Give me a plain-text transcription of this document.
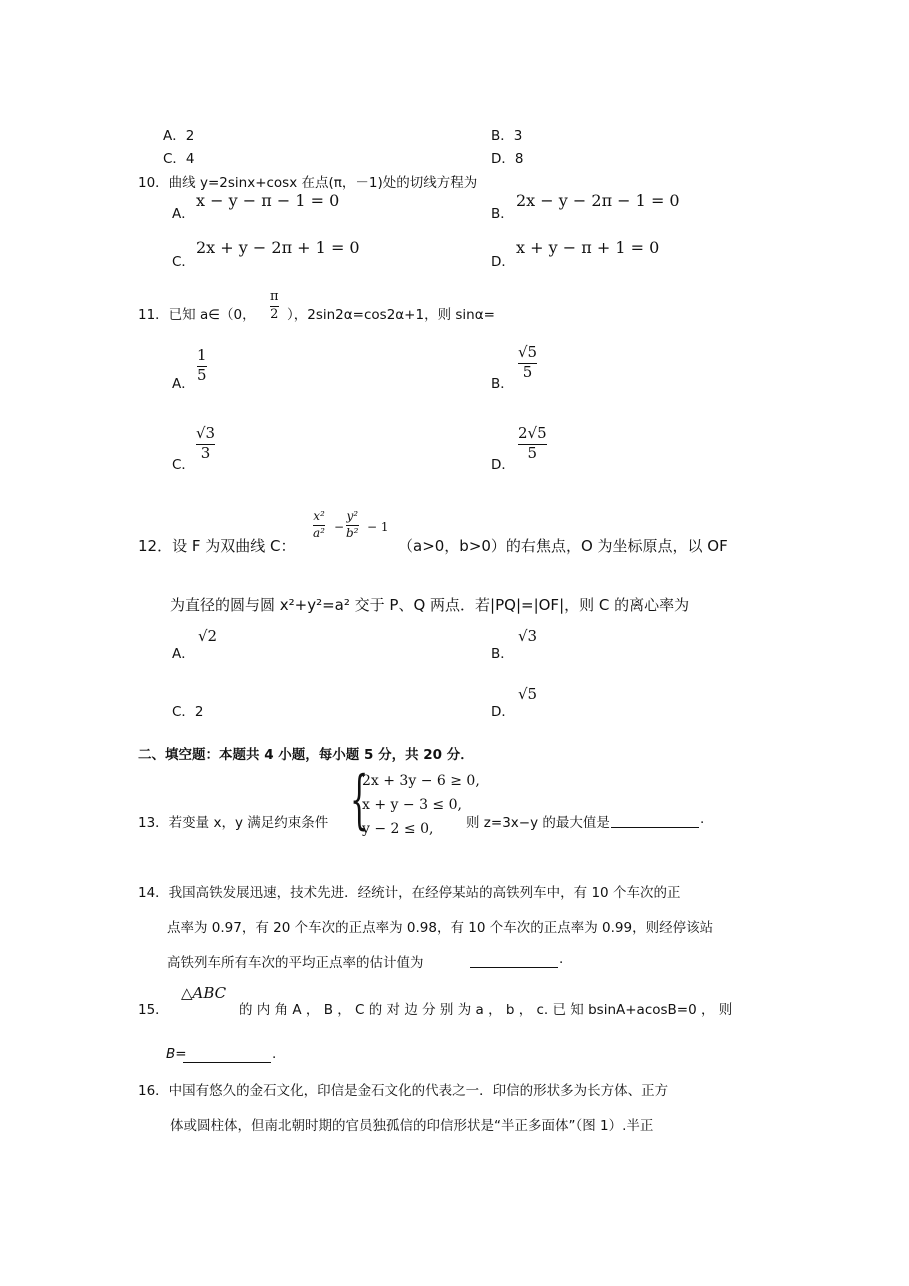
A．2	B．3
C．4	D．8
10．曲线 y=2sinx+cosx 在点(π，－1)处的切线方程为
A．
x − y − π − 1 = 0
B．
2x − y − 2π − 1 = 0
C．
2x + y − 2π + 1 = 0
D．
x + y − π + 1 = 0
11．已知 a∈（0，
π
2 ），2sin2α=cos2α+1，则 sinα=
A．
1
5
B．
√5
5
C．
√3
3
D．
2√5
5
12．设 F 为双曲线 C：
x²
a² −
y²
b² − 1
（a>0，b>0）的右焦点，O 为坐标原点，以 OF
为直径的圆与圆 x²+y²=a² 交于 P、Q 两点．若|PQ|=|OF|，则 C 的离心率为
A．
√2
B．
√3
C．2	D．
√5
二、填空题：本题共 4 小题，每小题 5 分，共 20 分．
13．若变量 x，y 满足约束条件 {
2x + 3y − 6 ≥ 0,
x + y − 3 ≤ 0,
y − 2 ≤ 0, 则 z=3x−y 的最大值是	.
14．我国高铁发展迅速，技术先进．经统计，在经停某站的高铁列车中，有 10 个车次的正
点率为 0.97，有 20 个车次的正点率为 0.98，有 10 个车次的正点率为 0.99，则经停该站
高铁列车所有车次的平均正点率的估计值为	.
15．
△ABC
的 内 角 A ， B ， C 的 对 边 分 别 为 a ， b ， c. 已 知 bsinA+acosB=0 ， 则
B=	.
16．中国有悠久的金石文化，印信是金石文化的代表之一．印信的形状多为长方体、正方
体或圆柱体，但南北朝时期的官员独孤信的印信形状是“半正多面体”（图 1）.半正
